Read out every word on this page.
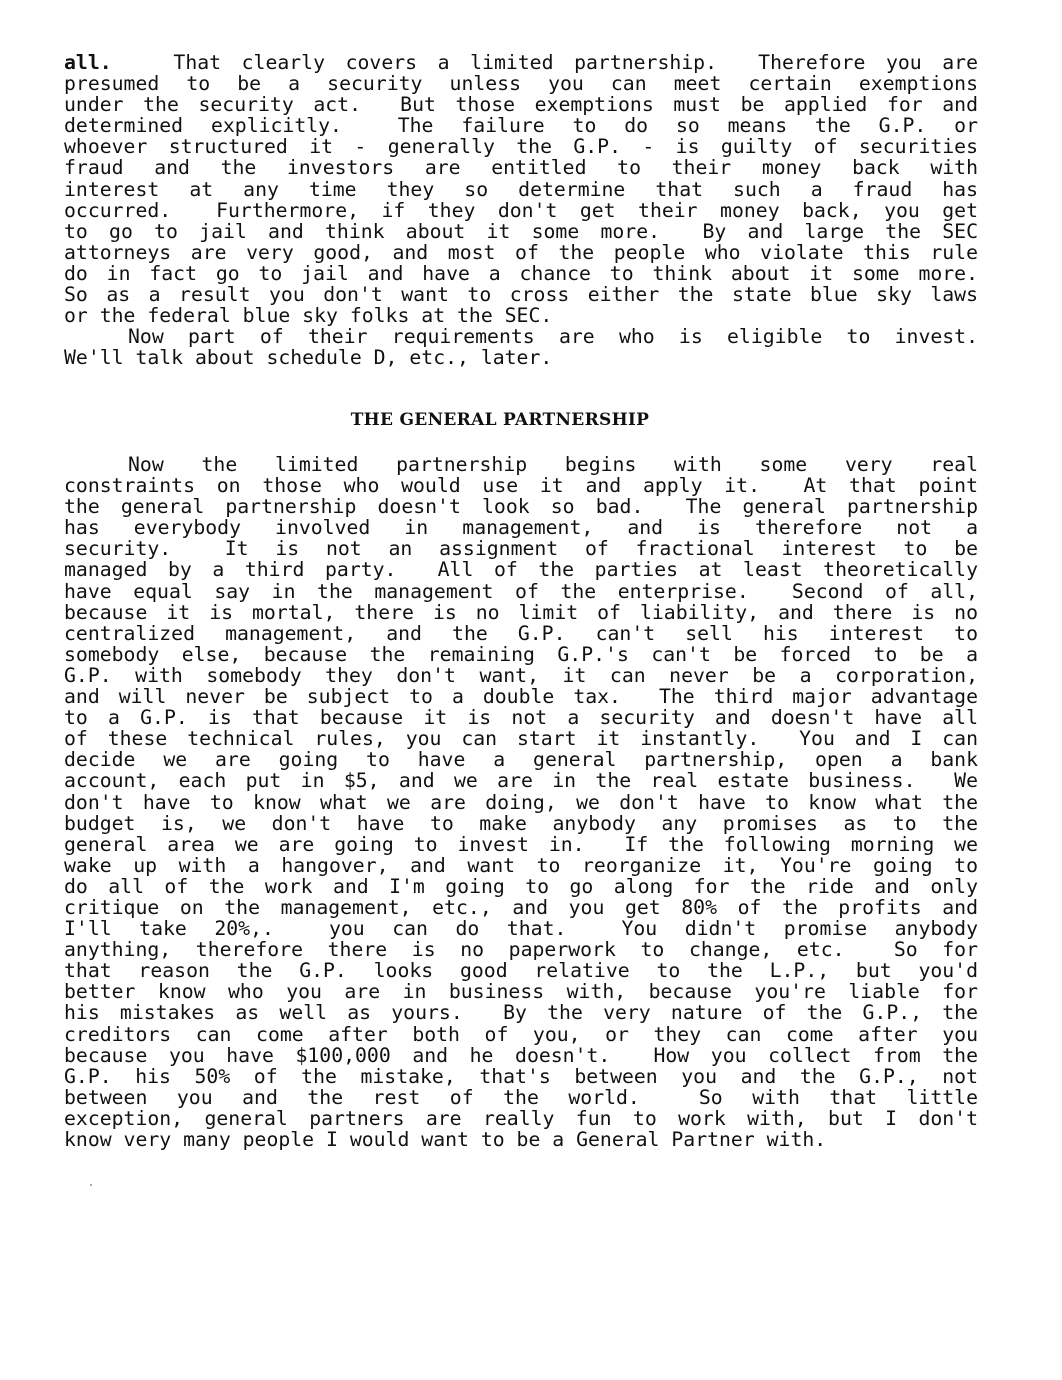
all.   That clearly covers a limited partnership.  Therefore you are
presumed to be a security unless you can meet certain exemptions
under the security act.  But those exemptions must be applied for and
determined explicitly.  The failure to do so means the G.P. or
whoever structured it - generally the G.P. - is guilty of securities
fraud and the investors are entitled to their money back with
interest at any time they so determine that such a fraud has
occurred.  Furthermore, if they don't get their money back, you get
to go to jail and think about it some more.  By and large the SEC
attorneys are very good, and most of the people who violate this rule
do in fact go to jail and have a chance to think about it some more.
So as a result you don't want to cross either the state blue sky laws
or the federal blue sky folks at the SEC.
Now part of their requirements are who is eligible to invest.
We'll talk about schedule D, etc., later.
THE GENERAL PARTNERSHIP
Now the limited partnership begins with some very real
constraints on those who would use it and apply it.  At that point
the general partnership doesn't look so bad.  The general partnership
has everybody involved in management, and is therefore not a
security.  It is not an assignment of fractional interest to be
managed by a third party.  All of the parties at least theoretically
have equal say in the management of the enterprise.  Second of all,
because it is mortal, there is no limit of liability, and there is no
centralized management, and the G.P. can't sell his interest to
somebody else, because the remaining G.P.'s can't be forced to be a
G.P. with somebody they don't want, it can never be a corporation,
and will never be subject to a double tax.  The third major advantage
to a G.P. is that because it is not a security and doesn't have all
of these technical rules, you can start it instantly.  You and I can
decide we are going to have a general partnership, open a bank
account, each put in $5, and we are in the real estate business.  We
don't have to know what we are doing, we don't have to know what the
budget is, we don't have to make anybody any promises as to the
general area we are going to invest in.  If the following morning we
wake up with a hangover, and want to reorganize it, You're going to
do all of the work and I'm going to go along for the ride and only
critique on the management, etc., and you get 80% of the profits and
I'll take 20%,.  you can do that.  You didn't promise anybody
anything, therefore there is no paperwork to change, etc.  So for
that reason the G.P. looks good relative to the L.P., but you'd
better know who you are in business with, because you're liable for
his mistakes as well as yours.  By the very nature of the G.P., the
creditors can come after both of you, or they can come after you
because you have $100,000 and he doesn't.  How you collect from the
G.P. his 50% of the mistake, that's between you and the G.P., not
between you and the rest of the world.  So with that little
exception, general partners are really fun to work with, but I don't
know very many people I would want to be a General Partner with.
